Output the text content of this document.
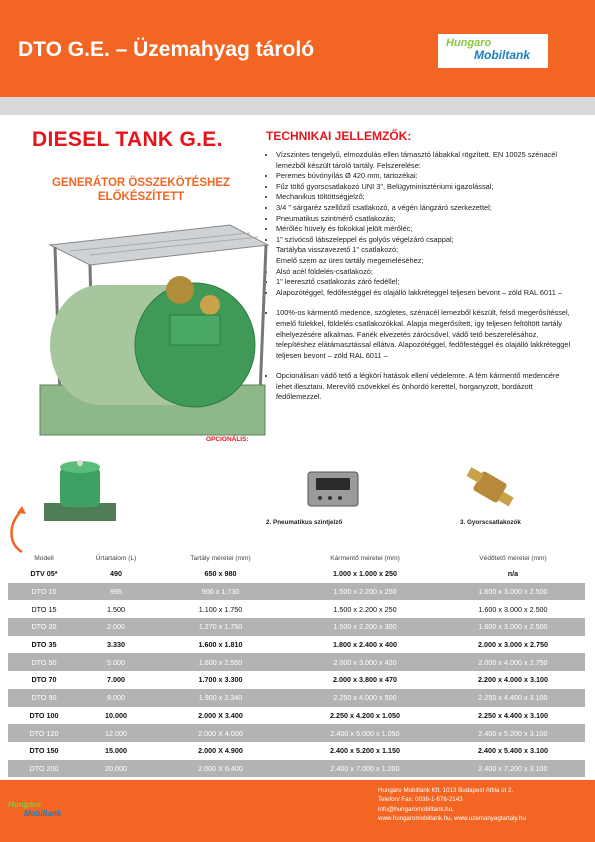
DTO G.E. – Üzemahyag tároló	Hungaro
Mobiltank
DIESEL TANK G.E.
GENERÁTOR ÖSSZEKÖTÉSHEZ
ELŐKÉSZÍTETT
TECHNIKAI JELLEMZŐK:
• Vízszintes tengelyű, elmozdulás ellen támasztó lábakkal rögzített. EN 10025 szénacél lemezből készült tároló tartály. Felszerelése:
• Peremes búvónyílás Ø 420 mm, tartozékai:
• Fűz töltő gyorscsatlakozó UNI 3", Belügyminisztériumi igazolással;
• Mechanikus töltöttségjelző;
• 3/4 " sárgaréz szellőző csatlakozó, a végén lángzáró szerkezettel;
• Pneumatikus szintmérő csatlakozás;
• Mérőléc hüvely és fokokkal jelölt mérőléc;
• 1" szívócső lábszeleppel és golyós végelzáró csappal;
• Tartályba visszavezető 1" csatlakozó;
• Emelő szem az üres tartály megemeléséhez;
• Alsó acél földelés-csatlakozó;
• 1" leeresztő csatlakozás záró fedéllel;
• Alapozótéggel, fedőfestéggel és olajálló lakkréteggel teljesen bevont – zöld RAL 6011 –
• 100%-os kármentő medence, szögletes, szénacél lemezből készült, felső megerősítéssel, emelő fülekkel, földelés csatlakozókkal. Alapja megerősített, így teljesen feltöltött tartály elhelyezésére alkalmas. Fanék elvezetés zárócsővel, vádő tető beszerelésához, telepítéshez elátámasztással ellátva. Alapozótéggel, fedőfestéggel és olajálló lakkréteggel teljesen bevont – zöld RAL 6011 –
• Opcionálisan vádő tető a légköri hatások elleni védelemre. A fém kármentő medencére lehet illesztani. Merevítő csövekkel és önhordó kerettel, horganyzott, bordázott fedőlemezzel.
OPCIONÁLIS:
2. Pneumatikus szintjelző	3. Gyorscsatlakozók
Modell	Űrtartalom (L)	Tartály méretei (mm)	Kármentő méretei (mm)	Védőtető méretei (mm)
DTV 05*	490	650 x 980	1.000 x 1.000 x 250	n/a
DTO 10	995	900 x 1.730	1.500 x 2.200 x 250	1.600 x 3.000 x 2.500
DTO 15	1.500	1.100 x 1.750	1.500 x 2.200 x 250	1.600 x 3.000 x 2.500
DTO 20	2.000	1.270 x 1.750	1.500 x 2.200 x 300	1.600 x 3.000 x 2.500
DTO 35	3.330	1.600 x 1.810	1.800 x 2.400 x 400	2.000 x 3.000 x 2.750
DTO 50	5.000	1.600 x 2.550	2.000 x 3.000 x 420	2.000 x 4.000 x 2.750
DTO 70	7.000	1.700 x 3.300	2.000 x 3.800 x 470	2.200 x 4.000 x 3.100
DTO 90	9.000	1.900 x 3.340	2.250 x 4.000 x 500	2.250 x 4.400 x 3.100
DTO 100	10.000	2.000 X 3.400	2.250 x 4.200 x 1.050	2.250 x 4.400 x 3.100
DTO 120	12.000	2.000 X 4.000	2.400 x 5.000 x 1.050	2.400 x 5.200 x 3.100
DTO 150	15.000	2.000 X 4.900	2.400 x 5.200 x 1.150	2.400 x 5.400 x 3.100
DTO 200	20.000	2.000 X 6.400	2.400 x 7.000 x 1.200	2.400 x 7.200 x 3.100
Hungaro
Mobiltank
Hungaro Mobiltank Kft. 1013 Budapest Attila út 2.
Telefon/ Fax: 0036-1-678-2143
info@hungaromobiltank.hu,
www.hungaromobiltank.hu, www.uzemanyagtartaly.hu
